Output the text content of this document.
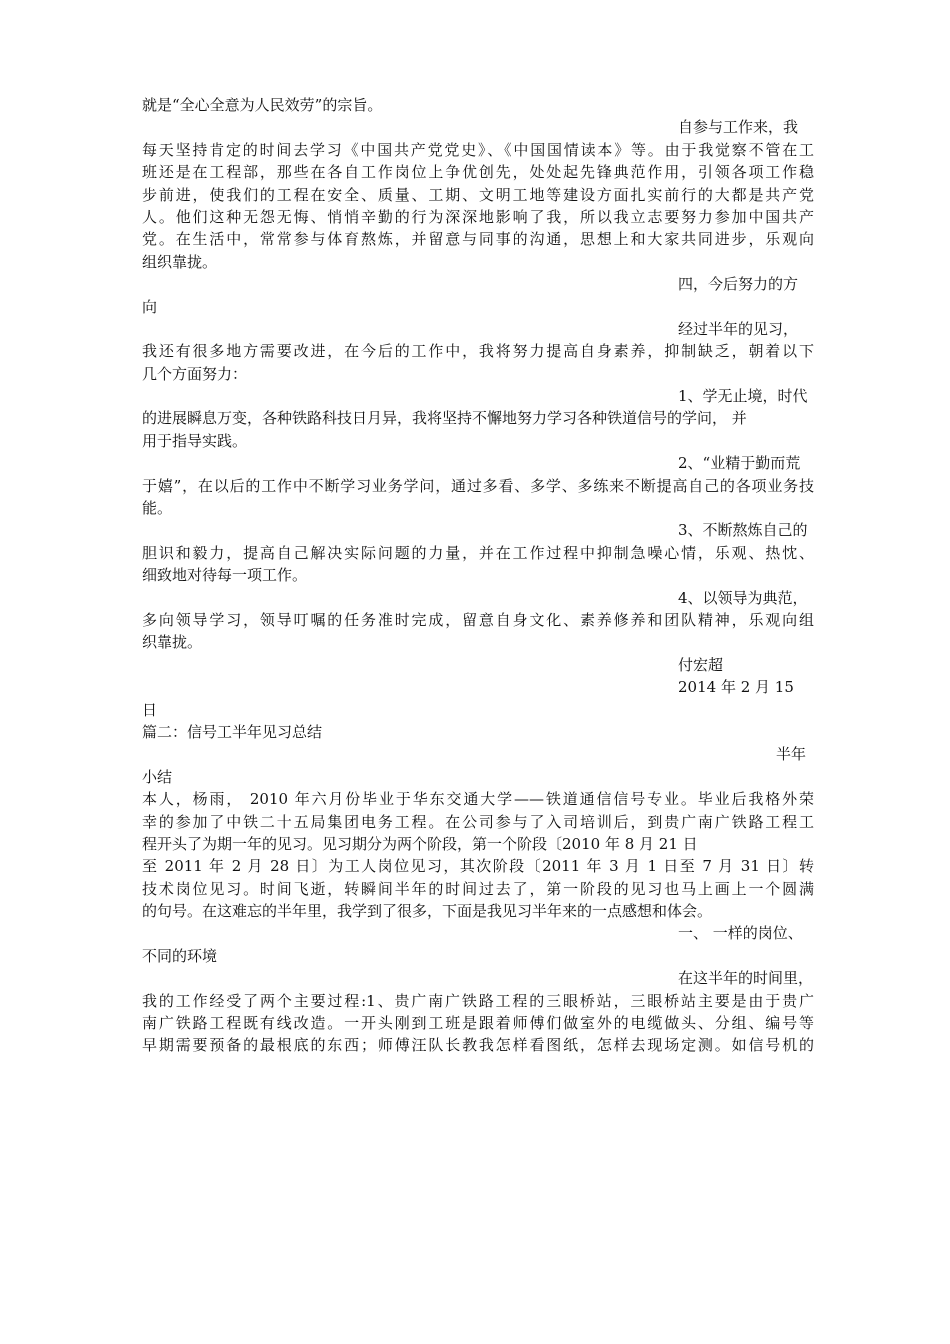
就是“全心全意为人民效劳”的宗旨。
自参与工作来，我
每天坚持肯定的时间去学习《中国共产党党史》、《中国国情读本》等。由于我觉察不管在工
班还是在工程部，那些在各自工作岗位上争优创先，处处起先锋典范作用，引领各项工作稳
步前进，使我们的工程在安全、质量、工期、文明工地等建设方面扎实前行的大都是共产党
人。他们这种无怨无悔、悄悄辛勤的行为深深地影响了我，所以我立志要努力参加中国共产
党。在生活中，常常参与体育熬炼，并留意与同事的沟通，思想上和大家共同进步，乐观向
组织靠拢。
四，今后努力的方
向
经过半年的见习，
我还有很多地方需要改进，在今后的工作中，我将努力提高自身素养，抑制缺乏，朝着以下
几个方面努力：
1、学无止境，时代
的进展瞬息万变，各种铁路科技日月异，我将坚持不懈地努力学习各种铁道信号的学问， 并
用于指导实践。
2、“业精于勤而荒
于嬉”，在以后的工作中不断学习业务学问，通过多看、多学、多练来不断提高自己的各项业务技
能。
3、不断熬炼自己的
胆识和毅力，提高自己解决实际问题的力量，并在工作过程中抑制急噪心情，乐观、热忱、
细致地对待每一项工作。
4、以领导为典范，
多向领导学习，领导叮嘱的任务准时完成，留意自身文化、素养修养和团队精神，乐观向组
织靠拢。
付宏超
2014 年 2 月 15
日
篇二：信号工半年见习总结
半年
小结
本人，杨雨， 2010 年六月份毕业于华东交通大学——铁道通信信号专业。毕业后我格外荣
幸的参加了中铁二十五局集团电务工程。在公司参与了入司培训后，到贵广南广铁路工程工
程开头了为期一年的见习。见习期分为两个阶段，第一个阶段〔2010 年 8 月 21 日
至 2011 年 2 月 28 日〕为工人岗位见习，其次阶段〔2011 年 3 月 1 日至 7 月 31 日〕转
技术岗位见习。时间飞逝，转瞬间半年的时间过去了，第一阶段的见习也马上画上一个圆满
的句号。在这难忘的半年里，我学到了很多，下面是我见习半年来的一点感想和体会。
一、 一样的岗位、
不同的环境
在这半年的时间里，
我的工作经受了两个主要过程:1、贵广南广铁路工程的三眼桥站，三眼桥站主要是由于贵广
南广铁路工程既有线改造。一开头刚到工班是跟着师傅们做室外的电缆做头、分组、编号等
早期需要预备的最根底的东西；师傅汪队长教我怎样看图纸，怎样去现场定测。如信号机的
